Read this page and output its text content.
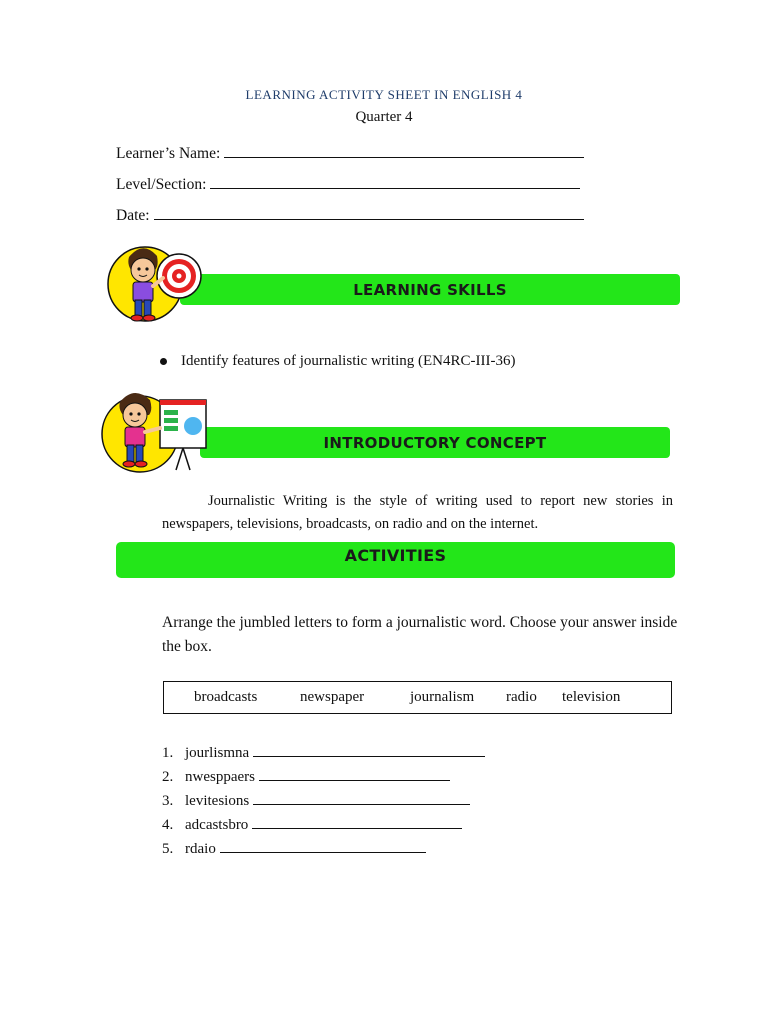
LEARNING ACTIVITY SHEET IN ENGLISH 4
Quarter 4
Learner’s Name:
Level/Section:
Date:
LEARNING SKILLS
Identify features of journalistic writing (EN4RC-III-36)
INTRODUCTORY CONCEPT
Journalistic Writing is the style of writing used to report new stories in newspapers, televisions, broadcasts, on radio and on the internet.
ACTIVITIES
Arrange the jumbled letters to form a journalistic word. Choose your answer inside the box.
broadcasts	newspaper	journalism radio television
1. jourlismna
2. nwesppaers
3. levitesions
4. adcastsbro
5. rdaio
